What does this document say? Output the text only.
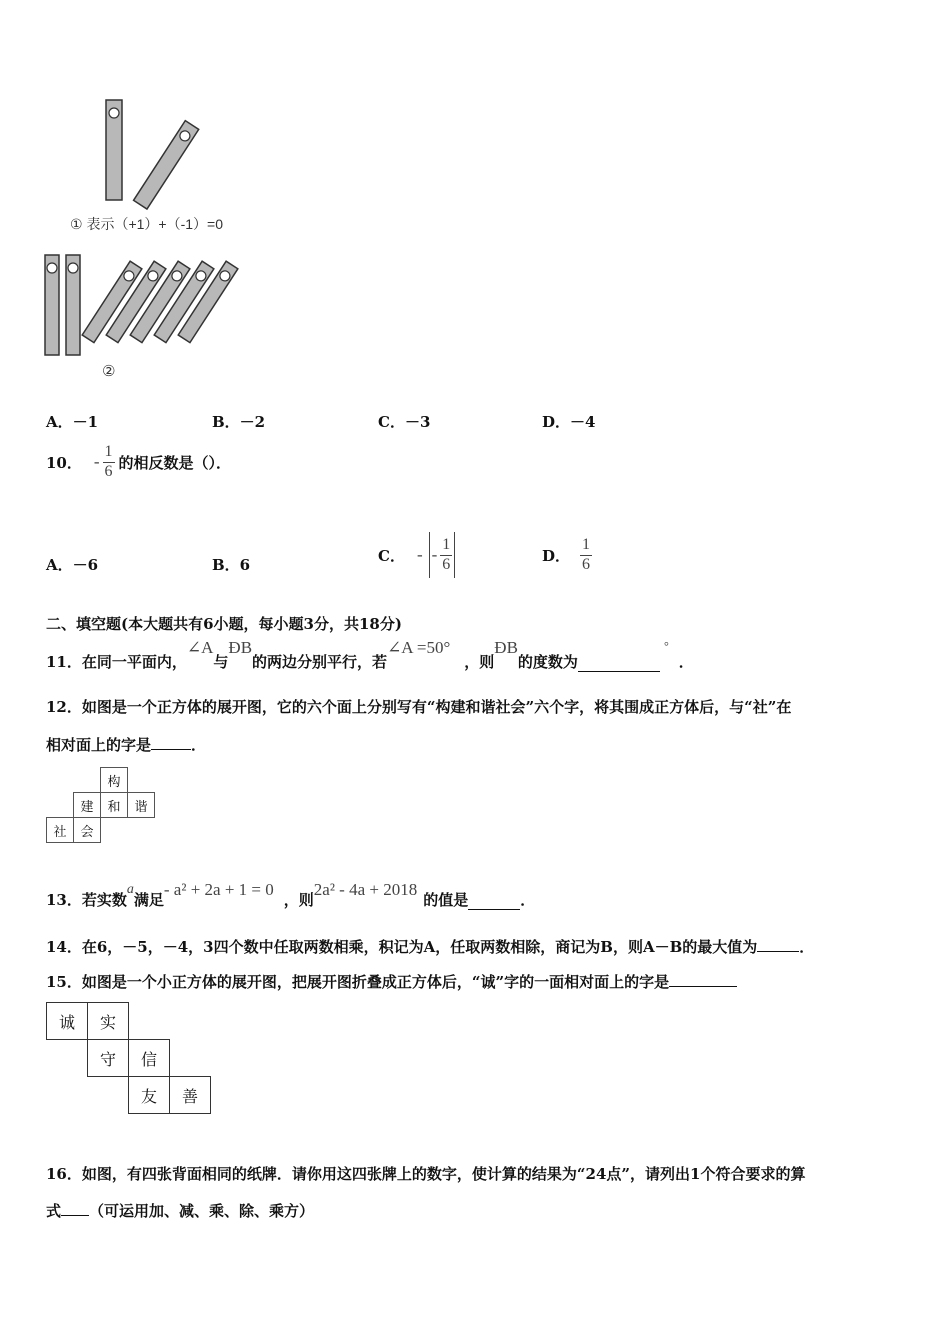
① 表示（+1）+（-1）=0
②
A．－1	B．－2	C．－3	D．－4
10． - $\frac{1}{6}$ 的相反数是（）．
A．－6	B．6
C． - - $\frac{1}{6}$	D． $\frac{1}{6}$
二、填空题(本大题共有6小题，每小题3分，共18分)
11．在同一平面内，
∠A
与
ÐB
的两边分别平行，若
∠A =50°
，则
ÐB
的度数为
°
．
12．如图是一个正方体的展开图，它的六个面上分别写有“构建和谐社会”六个字，将其围成正方体后，与“社”在
相对面上的字是	．
		构	
	建	和	谐
社	会		
13．若实数
a
满足
- a² + 2a + 1 = 0
，则
2a² - 4a + 2018
的值是	．
14．在6，－5，－4，3四个数中任取两数相乘，积记为A，任取两数相除，商记为B，则A－B的最大值为	．
15．如图是一个小正方体的展开图，把展开图折叠成正方体后，“诚”字的一面相对面上的字是
诚	实		
	守	信	
		友	善
16．如图，有四张背面相同的纸牌．请你用这四张牌上的数字，使计算的结果为“24点”，请列出1个符合要求的算
式 （可运用加、减、乘、除、乘方）
